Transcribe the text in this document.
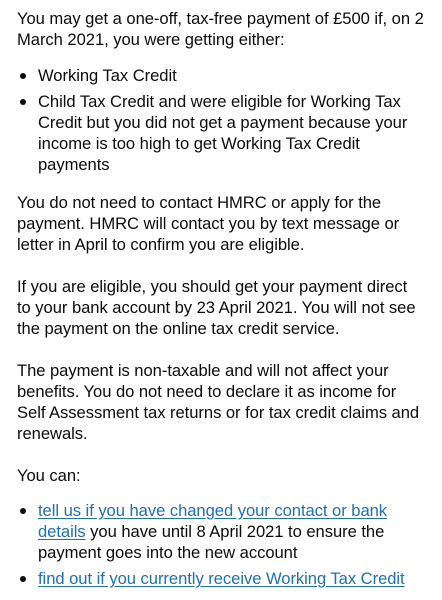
You may get a one-off, tax-free payment of £500 if, on 2 March 2021, you were getting either:

Working Tax Credit
Child Tax Credit and were eligible for Working Tax Credit but you did not get a payment because your income is too high to get Working Tax Credit payments

You do not need to contact HMRC or apply for the payment. HMRC will contact you by text message or letter in April to confirm you are eligible.

If you are eligible, you should get your payment direct to your bank account by 23 April 2021. You will not see the payment on the online tax credit service.

The payment is non-taxable and will not affect your benefits. You do not need to declare it as income for Self Assessment tax returns or for tax credit claims and renewals.

You can:

tell us if you have changed your contact or bank details you have until 8 April 2021 to ensure the payment goes into the new account
find out if you currently receive Working Tax Credit
